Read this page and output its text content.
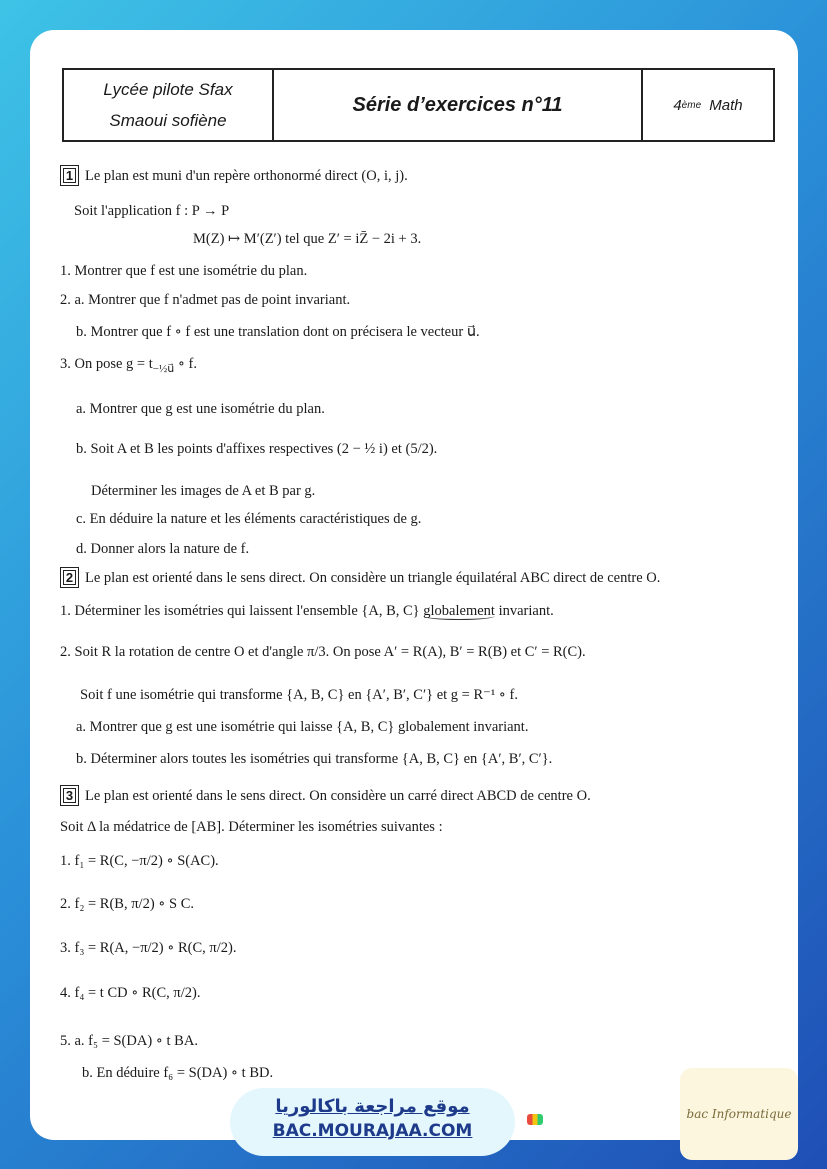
Lycée pilote Sfax
Smaoui sofiène
Série d’exercices n°11	4 ème
Math
1 Le plan est muni d'un repère orthonormé direct (O, i, j).
Soit l'application f : P → P
M(Z) ↦ M′(Z′) tel que Z′ = iZ̄ − 2i + 3.
1. Montrer que f est une isométrie du plan.
2. a. Montrer que f n'admet pas de point invariant.
b. Montrer que f ∘ f est une translation dont on précisera le vecteur u⃗.
3. On pose $g = t_{-\frac{1}{2}u⃗}$ ∘ f.
a. Montrer que g est une isométrie du plan.
b. Soit A et B les points d'affixes respectives (2 − ½ i) et (5/2).
Déterminer les images de A et B par g.
c. En déduire la nature et les éléments caractéristiques de g.
d. Donner alors la nature de f.
2 Le plan est orienté dans le sens direct. On considère un triangle équilatéral ABC direct de centre O.
1. Déterminer les isométries qui laissent l'ensemble {A, B, C} globalement invariant.
2. Soit R la rotation de centre O et d'angle π/3. On pose A′ = R(A), B′ = R(B) et C′ = R(C).
Soit f une isométrie qui transforme {A, B, C} en {A′, B′, C′} et g = R⁻¹ ∘ f.
a. Montrer que g est une isométrie qui laisse {A, B, C} globalement invariant.
b. Déterminer alors toutes les isométries qui transforme {A, B, C} en {A′, B′, C′}.
3 Le plan est orienté dans le sens direct. On considère un carré direct ABCD de centre O.
Soit Δ la médatrice de [AB]. Déterminer les isométries suivantes :
1. f₁ = R(C, −π/2) ∘ S(AC).
2. f₂ = R(B, π/2) ∘ S C.
3. f₃ = R(A, −π/2) ∘ R(C, π/2).
4. f₄ = t CD ∘ R(C, π/2).
5. a. f₅ = S(DA) ∘ t BA.
b. En déduire f₆ = S(DA) ∘ t BD.
موقع مراجعة باكالوريا
BAC.MOURAJAA.COM
bac Informatique
